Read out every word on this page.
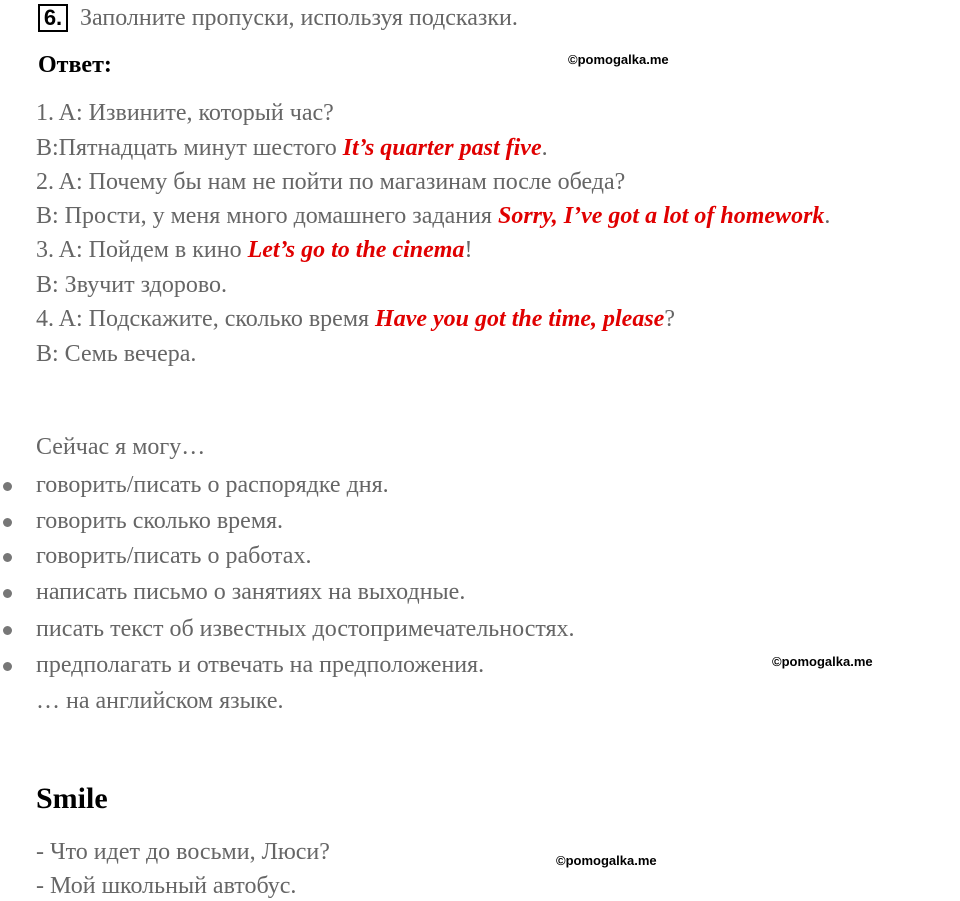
6. Заполните пропуски, используя подсказки.
Ответ:	©pomogalka.me
1. A: Извините, который час?
B:Пятнадцать минут шестого It’s quarter past five.
2. A: Почему бы нам не пойти по магазинам после обеда?
B: Прости, у меня много домашнего задания Sorry, I’ve got a lot of homework.
3. A: Пойдем в кино Let’s go to the cinema!
B: Звучит здорово.
4. A: Подскажите, сколько время Have you got the time, please?
B: Семь вечера.
Сейчас я могу…
говорить/писать о распорядке дня.
говорить сколько время.
говорить/писать о работах.
написать письмо о занятиях на выходные.
писать текст об известных достопримечательностях.
предполагать и отвечать на предположения.
… на английском языке.
©pomogalka.me
Smile
- Что идет до восьми, Люси?
- Мой школьный автобус.
©pomogalka.me
